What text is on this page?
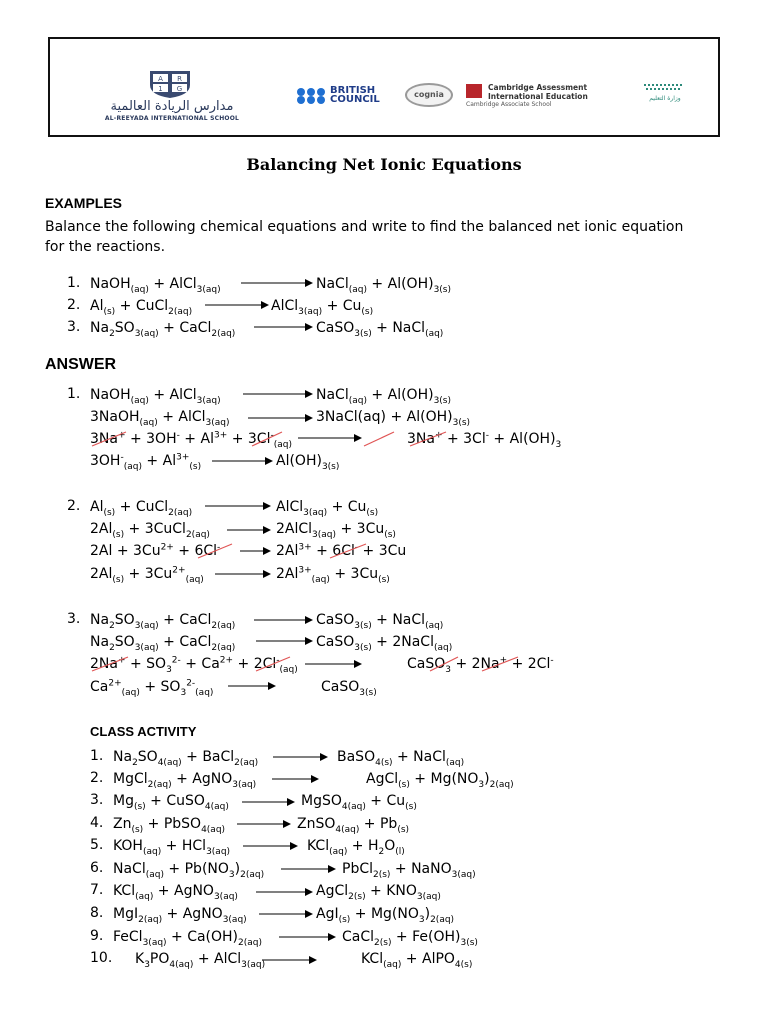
A R
1 G
مدارس الريادة العالمية
AL-REEYADA INTERNATIONAL SCHOOL
BRITISH
COUNCIL	cognia
Cambridge Assessment
International Education
Cambridge Associate School
وزارة التعليم
Balancing Net Ionic Equations
EXAMPLES
Balance the following chemical equations and write to find the balanced net ionic equation for the reactions.
1. NaOH$_{(aq)}$ + AlCl$_{3(aq)}$	NaCl$_{(aq)}$ + $Al(OH)_{3(s)}$
2. $Al_{(s)}$ + CuCl$_{2(aq)}$	AlCl$_{3(aq)}$ + $Cu_{(s)}$
3. $Na_2SO_{3(aq)}$ + CaCl$_{2(aq)}$	CaSO$_{3(s)}$ + NaCl$_{(aq)}$
ANSWER
1. NaOH$_{(aq)}$ + AlCl$_{3(aq)}$	NaCl$_{(aq)}$ + $Al(OH)_{3(s)}$
3NaOH$_{(aq)}$ + AlCl$_{3(aq)}$	3NaCl(aq) + $Al(OH)_{3(s)}$
$3Na^+ + 3OH^- + Al^{3+} + 3Cl^-_{(aq)}$	$3Na^+ + 3Cl^- + Al(OH)_3$
$3OH^-_{(aq)} + Al^{3+}_{(s)}$	$Al(OH)_{3(s)}$
2. $Al_{(s)}$ + CuCl$_{2(aq)}$	AlCl$_{3(aq)}$ + $Cu_{(s)}$
$2Al_{(s)}$ + 3CuCl$_{2(aq)}$	2AlCl$_{3(aq)}$ + $3Cu_{(s)}$
$2Al + 3Cu^{2+} + 6Cl^-$	$2Al^{3+} + 6Cl^- + 3Cu$
$2Al_{(s)} + 3Cu^{2+}_{(aq)}$	$2Al^{3+}_{(aq)} + 3Cu_{(s)}$
3. $Na_2SO_{3(aq)}$ + CaCl$_{2(aq)}$	CaSO$_{3(s)}$ + NaCl$_{(aq)}$
$Na_2SO_{3(aq)}$ + CaCl$_{2(aq)}$	CaSO$_{3(s)}$ + 2NaCl$_{(aq)}$
$2Na^+ + SO_3^{2-} + Ca^{2+} + 2Cl^-_{(aq)}$	CaSO$_3$ + 2Na+ + 2Cl-
$Ca^{2+}_{(aq)} + SO_3^{2-}_{(aq)}$	CaSO$_{3(s)}$
CLASS ACTIVITY
1. $Na_2SO_{4(aq)}$ + BaCl$_{2(aq)}$	BaSO$_{4(s)}$ + NaCl$_{(aq)}$
2. MgCl$_{2(aq)}$ + AgNO$_{3(aq)}$	AgCl$_{(s)}$ + $Mg(NO_3)_{2(aq)}$
3. $Mg_{(s)}$ + CuSO$_{4(aq)}$	MgSO$_{4(aq)}$ + $Cu_{(s)}$
4. $Zn_{(s)}$ + PbSO$_{4(aq)}$	ZnSO$_{4(aq)}$ + $Pb_{(s)}$
5. $KOH_{(aq)} + HCl_{3(aq)}$	$KCl_{(aq)} + H_2O_{(l)}$
6. NaCl$_{(aq)}$ + $Pb(NO_3)_{2(aq)}$	PbCl$_{2(s)}$ + NaNO$_{3(aq)}$
7. KCl$_{(aq)}$ + AgNO$_{3(aq)}$	AgCl$_{2(s)}$ + $KNO_{3(aq)}$
8. MgI$_{2(aq)}$ + AgNO$_{3(aq)}$	$AgI_{(s)} + Mg(NO_3)_{2(aq)}$
9. FeCl$_{3(aq)}$ + $Ca(OH)_{2(aq)}$	CaCl$_{2(s)}$ + $Fe(OH)_{3(s)}$
10. $K_3PO_{4(aq)}$ + AlCl$_{3(aq)}$	KCl$_{(aq)}$ + AlPO$_{4(s)}$
